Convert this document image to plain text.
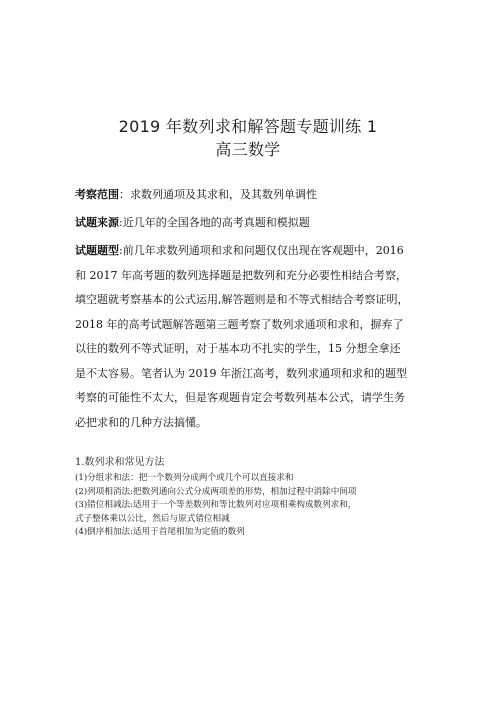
2019 年数列求和解答题专题训练 1
高三数学
考察范围：求数列通项及其求和，及其数列单调性
试题来源:近几年的全国各地的高考真题和模拟题
试题题型:前几年求数列通项和求和问题仅仅出现在客观题中，2016
和 2017 年高考题的数列选择题是把数列和充分必要性相结合考察，
填空题就考察基本的公式运用,解答题则是和不等式相结合考察证明，
2018 年的高考试题解答题第三题考察了数列求通项和求和，摒弃了
以往的数列不等式证明，对于基本功不扎实的学生，15 分想全拿还
是不太容易。笔者认为 2019 年浙江高考，数列求通项和求和的题型
考察的可能性不太大，但是客观题肯定会考数列基本公式，请学生务
必把求和的几种方法搞懂。
1.数列求和常见方法
(1)分组求和法：把一个数列分成两个或几个可以直接求和
(2)列项相消法:把数列通向公式分成两项差的形势，相加过程中消除中间项
(3)错位相减法:适用于一个等差数列和等比数列对应项相乘构成数列求和，
式子整体乘以公比，然后与原式错位相减
(4)倒序相加法:适用于首尾相加为定值的数列
